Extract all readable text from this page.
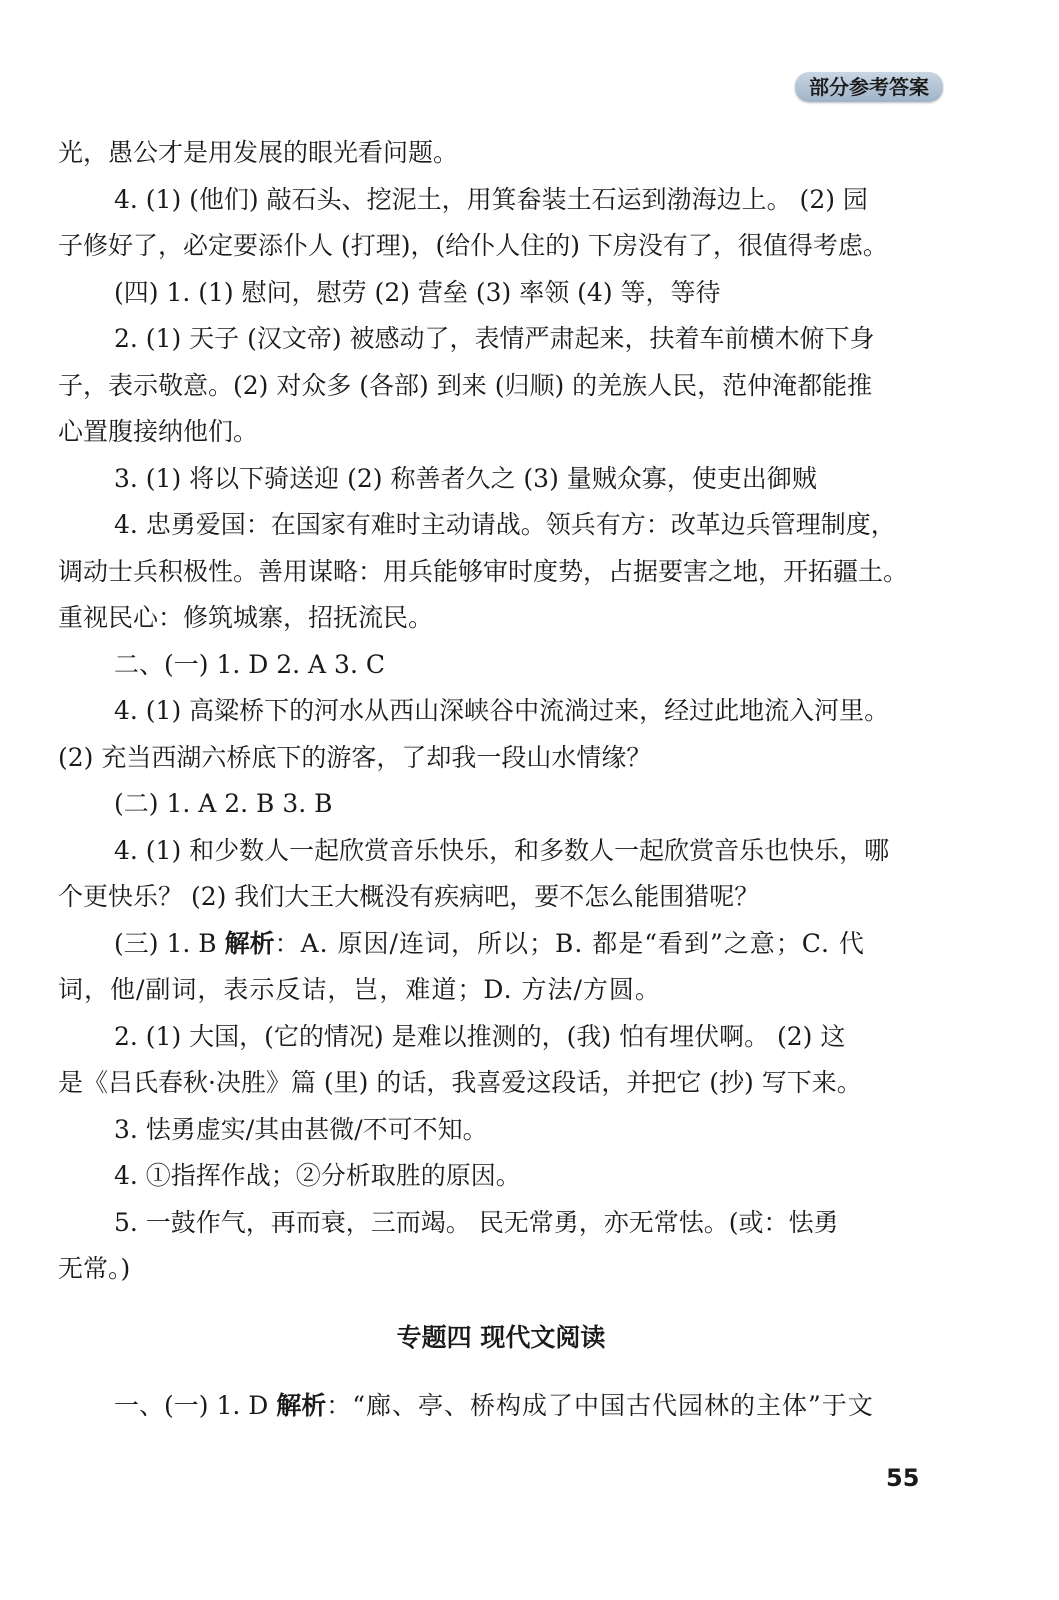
部分参考答案
光，愚公才是用发展的眼光看问题。
4. (1) (他们) 敲石头、挖泥土，用箕畚装土石运到渤海边上。 (2) 园
子修好了，必定要添仆人 (打理)，(给仆人住的) 下房没有了，很值得考虑。
(四) 1. (1) 慰问，慰劳 (2) 营垒 (3) 率领 (4) 等，等待
2. (1) 天子 (汉文帝) 被感动了，表情严肃起来，扶着车前横木俯下身
子，表示敬意。(2) 对众多 (各部) 到来 (归顺) 的羌族人民，范仲淹都能推
心置腹接纳他们。
3. (1) 将以下骑送迎 (2) 称善者久之 (3) 量贼众寡，使吏出御贼
4. 忠勇爱国：在国家有难时主动请战。领兵有方：改革边兵管理制度，
调动士兵积极性。善用谋略：用兵能够审时度势，占据要害之地，开拓疆土。
重视民心：修筑城寨，招抚流民。
二、(一) 1. D 2. A 3. C
4. (1) 高粱桥下的河水从西山深峡谷中流淌过来，经过此地流入河里。
(2) 充当西湖六桥底下的游客，了却我一段山水情缘？
(二) 1. A 2. B 3. B
4. (1) 和少数人一起欣赏音乐快乐，和多数人一起欣赏音乐也快乐，哪
个更快乐？ (2) 我们大王大概没有疾病吧，要不怎么能围猎呢？
(三) 1. B 解析：A. 原因/连词，所以；B. 都是“看到”之意；C. 代
词，他/副词，表示反诘，岂，难道；D. 方法/方圆。
2. (1) 大国，(它的情况) 是难以推测的，(我) 怕有埋伏啊。 (2) 这
是《吕氏春秋·决胜》篇 (里) 的话，我喜爱这段话，并把它 (抄) 写下来。
3. 怯勇虚实/其由甚微/不可不知。
4. ①指挥作战；②分析取胜的原因。
5. 一鼓作气，再而衰，三而竭。 民无常勇，亦无常怯。(或：怯勇
无常。)
专题四 现代文阅读
一、(一) 1. D 解析：“廊、亭、桥构成了中国古代园林的主体”于文
55
